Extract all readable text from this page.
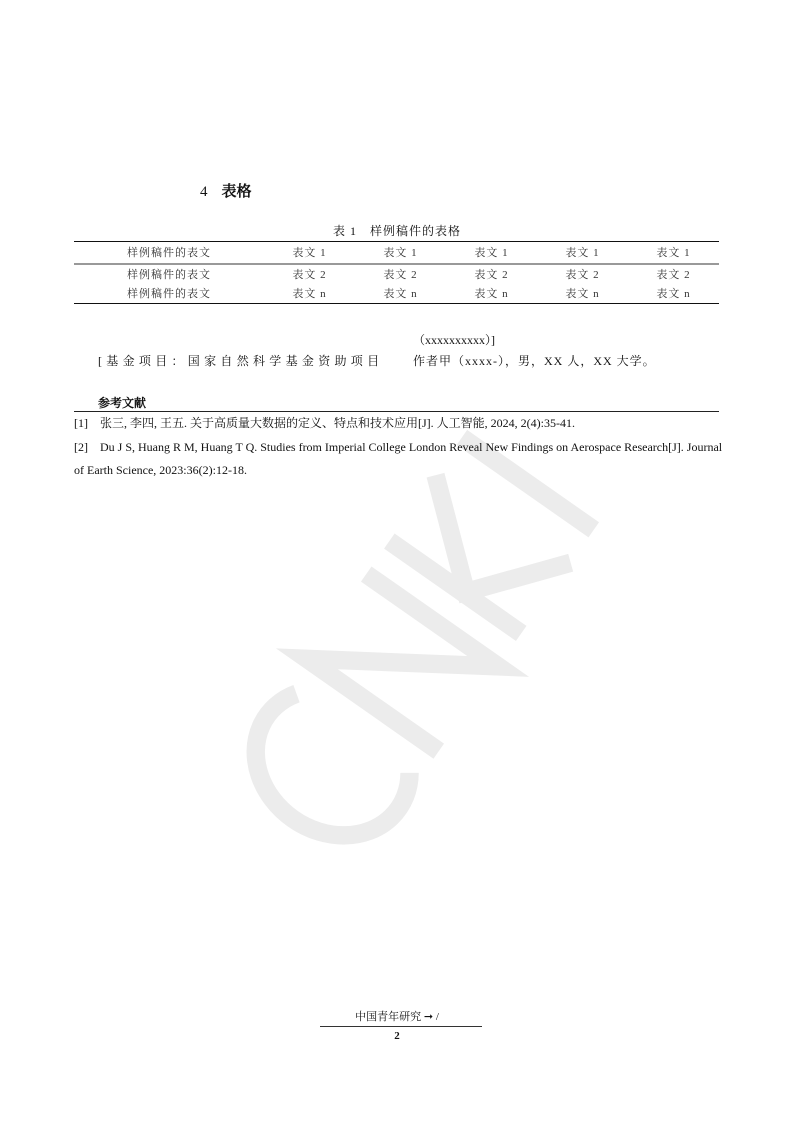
4 表格
表 1　样例稿件的表格
样例稿件的表文	表文 1	表文 1	表文 1	表文 1	表文 1
样例稿件的表文	表文 2	表文 2	表文 2	表文 2	表文 2
样例稿件的表文	表文 n	表文 n	表文 n	表文 n	表文 n
（xxxxxxxxxx）]
[基金项目：国家自然科学基金资助项目 作者甲（xxxx-），男，XX 人，XX 大学。
参考文献
[1] 张三, 李四, 王五. 关于高质量大数据的定义、特点和技术应用[J]. 人工智能, 2024, 2(4):35-41.
[2]	Du J S, Huang R M, Huang T Q. Studies from Imperial College London Reveal New Findings on Aerospace Research[J]. Journal of Earth Science, 2023:36(2):12-18.
中国青年研究 ➞ /
2
